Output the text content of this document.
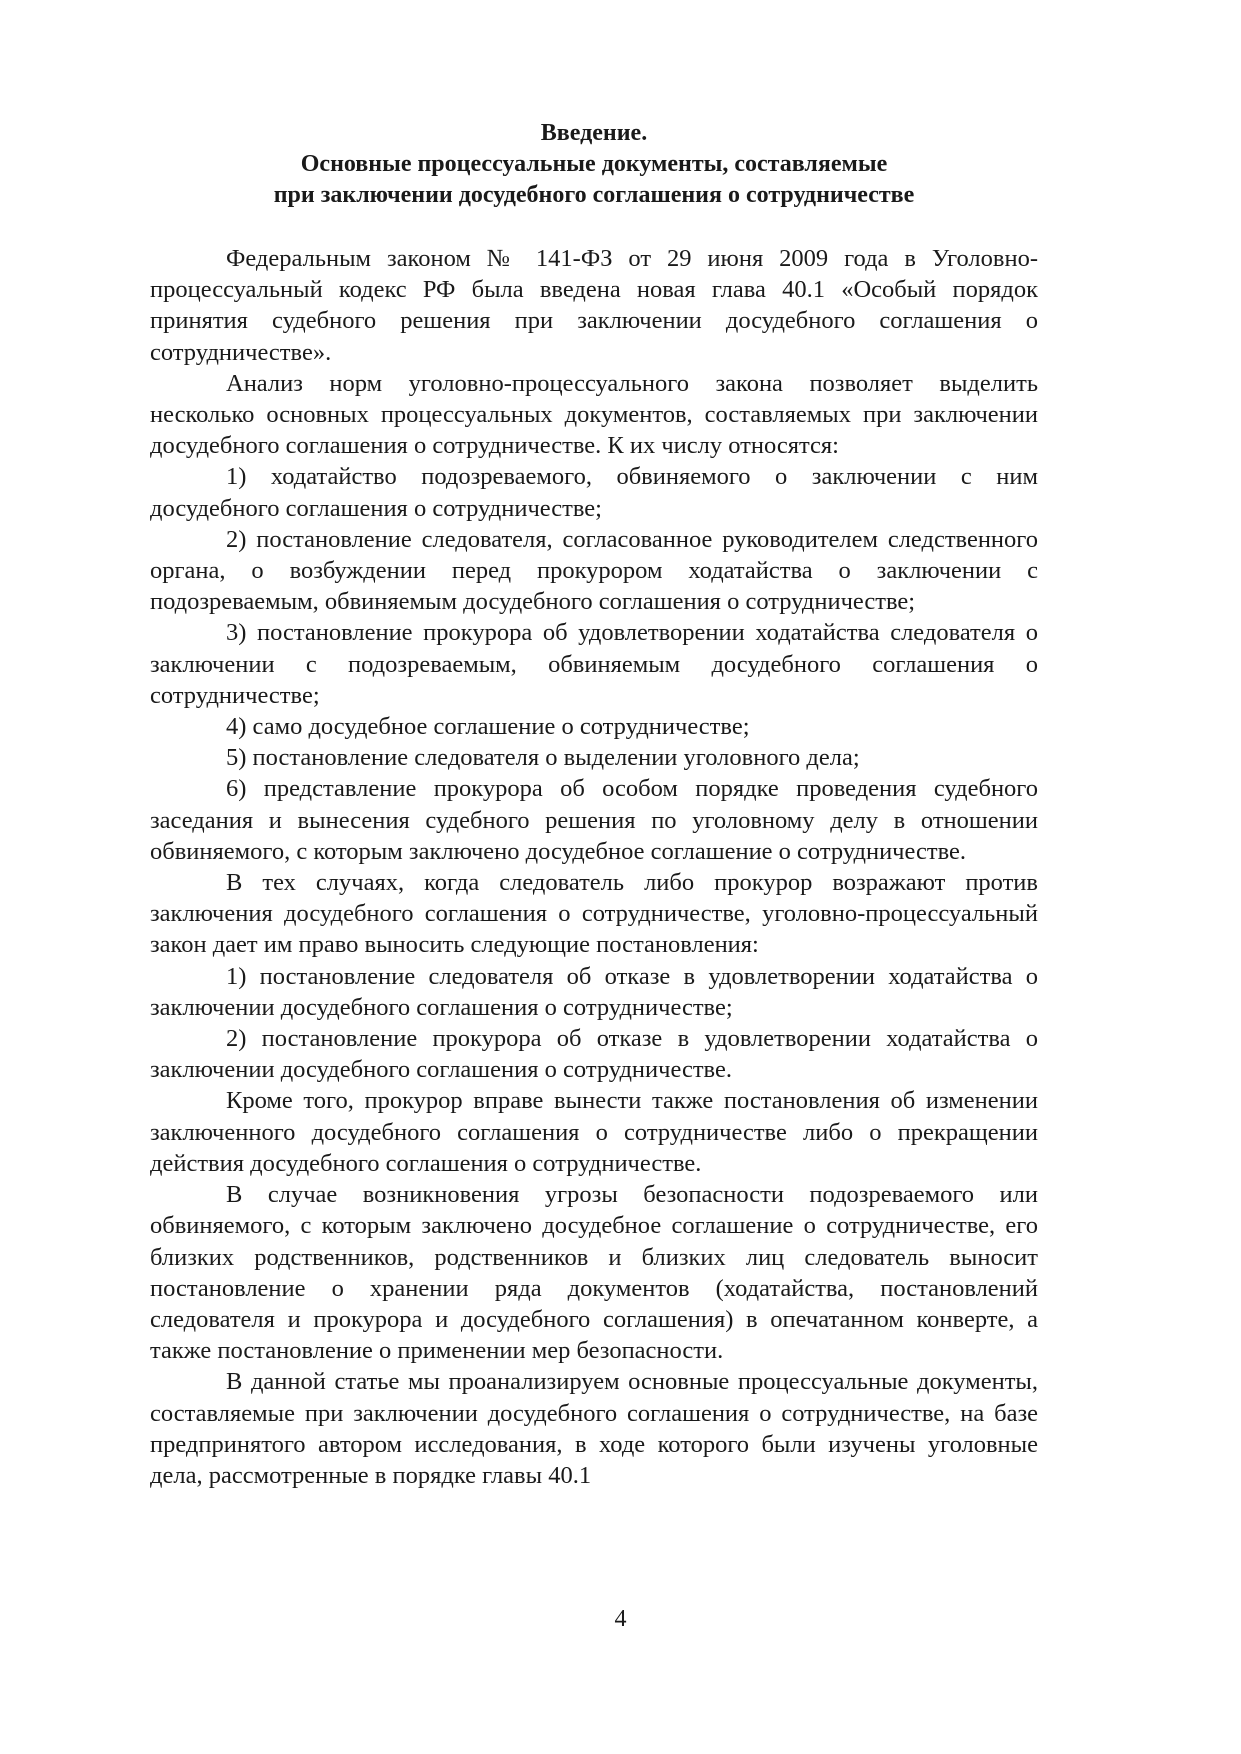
Введение.
Основные процессуальные документы, составляемые
при заключении досудебного соглашения о сотрудничестве

Федеральным законом № 141-ФЗ от 29 июня 2009 года в Уголовно-процессуальный кодекс РФ была введена новая глава 40.1 «Особый порядок принятия судебного решения при заключении досудебного соглашения о сотрудничестве».

Анализ норм уголовно-процессуального закона позволяет выделить несколько основных процессуальных документов, составляемых при заключении досудебного соглашения о сотрудничестве. К их числу относятся:

1) ходатайство подозреваемого, обвиняемого о заключении с ним досудебного соглашения о сотрудничестве;

2) постановление следователя, согласованное руководителем следственного органа, о возбуждении перед прокурором ходатайства о заключении с подозреваемым, обвиняемым досудебного соглашения о сотрудничестве;

3) постановление прокурора об удовлетворении ходатайства следователя о заключении с подозреваемым, обвиняемым досудебного соглашения о сотрудничестве;

4) само досудебное соглашение о сотрудничестве;

5) постановление следователя о выделении уголовного дела;

6) представление прокурора об особом порядке проведения судебного заседания и вынесения судебного решения по уголовному делу в отношении обвиняемого, с которым заключено досудебное соглашение о сотрудничестве.

В тех случаях, когда следователь либо прокурор возражают против заключения досудебного соглашения о сотрудничестве, уголовно-процессуальный закон дает им право выносить следующие постановления:

1) постановление следователя об отказе в удовлетворении ходатайства о заключении досудебного соглашения о сотрудничестве;

2) постановление прокурора об отказе в удовлетворении ходатайства о заключении досудебного соглашения о сотрудничестве.

Кроме того, прокурор вправе вынести также постановления об изменении заключенного досудебного соглашения о сотрудничестве либо о прекращении действия досудебного соглашения о сотрудничестве.

В случае возникновения угрозы безопасности подозреваемого или обвиняемого, с которым заключено досудебное соглашение о сотрудничестве, его близких родственников, родственников и близких лиц следователь выносит постановление о хранении ряда документов (ходатайства, постановлений следователя и прокурора и досудебного соглашения) в опечатанном конверте, а также постановление о применении мер безопасности.

В данной статье мы проанализируем основные процессуальные документы, составляемые при заключении досудебного соглашения о сотрудничестве, на базе предпринятого автором исследования, в ходе которого были изучены уголовные дела, рассмотренные в порядке главы 40.1

4
